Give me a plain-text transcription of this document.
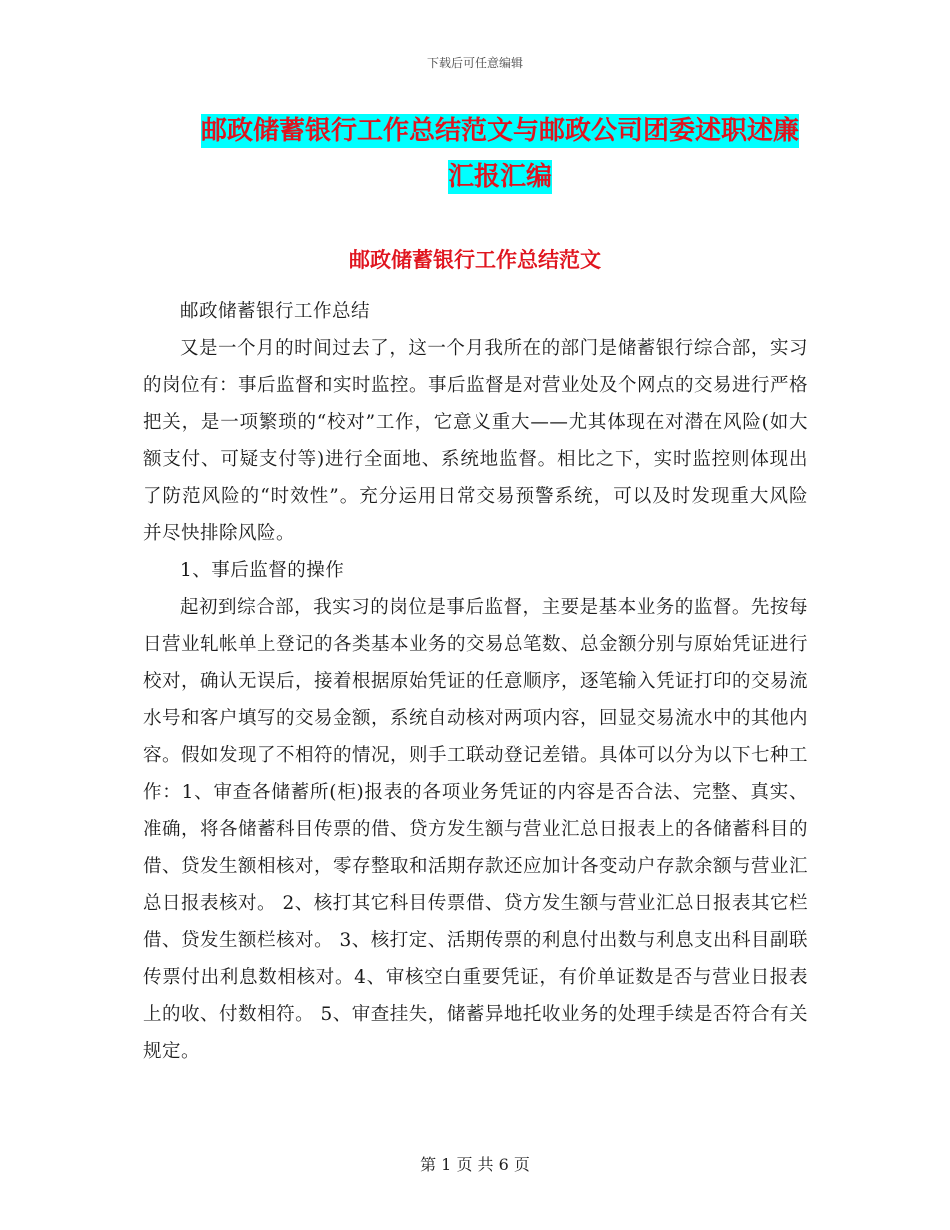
下载后可任意编辑
邮政储蓄银行工作总结范文与邮政公司团委述职述廉汇报汇编
邮政储蓄银行工作总结范文

邮政储蓄银行工作总结

又是一个月的时间过去了，这一个月我所在的部门是储蓄银行综合部，实习的岗位有：事后监督和实时监控。事后监督是对营业处及个网点的交易进行严格把关，是一项繁琐的“校对”工作，它意义重大——尤其体现在对潜在风险(如大额支付、可疑支付等)进行全面地、系统地监督。相比之下，实时监控则体现出了防范风险的“时效性”。充分运用日常交易预警系统，可以及时发现重大风险并尽快排除风险。

1、事后监督的操作

起初到综合部，我实习的岗位是事后监督，主要是基本业务的监督。先按每日营业轧帐单上登记的各类基本业务的交易总笔数、总金额分别与原始凭证进行校对，确认无误后，接着根据原始凭证的任意顺序，逐笔输入凭证打印的交易流水号和客户填写的交易金额，系统自动核对两项内容，回显交易流水中的其他内容。假如发现了不相符的情况，则手工联动登记差错。具体可以分为以下七种工作：1、审查各储蓄所(柜)报表的各项业务凭证的内容是否合法、完整、真实、准确，将各储蓄科目传票的借、贷方发生额与营业汇总日报表上的各储蓄科目的借、贷发生额相核对，零存整取和活期存款还应加计各变动户存款余额与营业汇总日报表核对。 2、核打其它科目传票借、贷方发生额与营业汇总日报表其它栏借、贷发生额栏核对。 3、核打定、活期传票的利息付出数与利息支出科目副联传票付出利息数相核对。4、审核空白重要凭证，有价单证数是否与营业日报表上的收、付数相符。 5、审查挂失，储蓄异地托收业务的处理手续是否符合有关规定。

第 1 页 共 6 页
